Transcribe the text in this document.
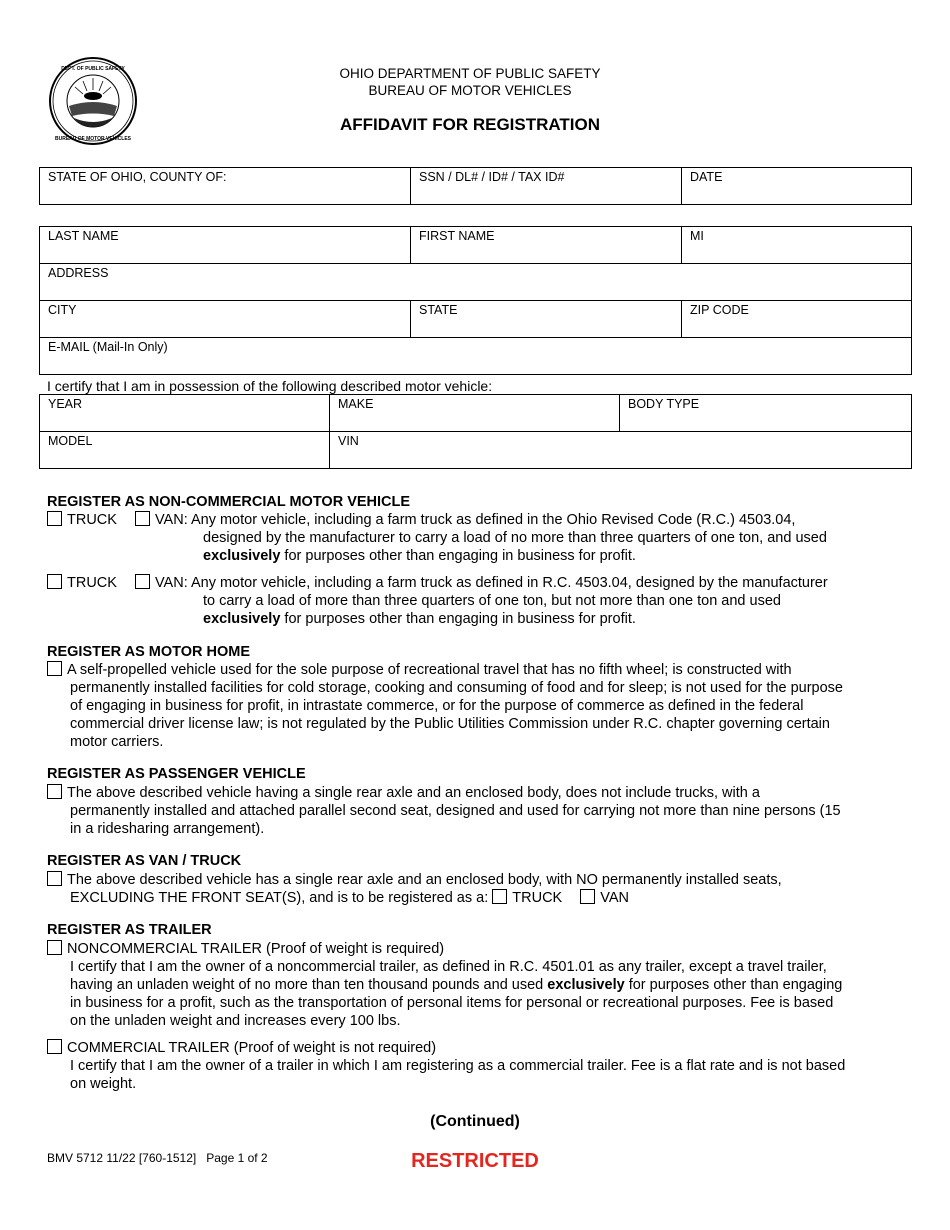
DEPT. OF PUBLIC SAFETY
BUREAU OF MOTOR VEHICLES
OHIO DEPARTMENT OF PUBLIC SAFETY
BUREAU OF MOTOR VEHICLES
AFFIDAVIT FOR REGISTRATION
STATE OF OHIO, COUNTY OF:	SSN / DL# / ID# / TAX ID#	DATE
LAST NAME	FIRST NAME	MI
ADDRESS		
CITY	STATE	ZIP CODE
E-MAIL (Mail-In Only)		
I certify that I am in possession of the following described motor vehicle:
YEAR	MAKE	BODY TYPE
MODEL	VIN	
REGISTER AS NON-COMMERCIAL MOTOR VEHICLE
TRUCK	VAN: Any motor vehicle, including a farm truck as defined in the Ohio Revised Code (R.C.) 4503.04,
designed by the manufacturer to carry a load of no more than three quarters of one ton, and used
exclusively for purposes other than engaging in business for profit.
TRUCK	VAN: Any motor vehicle, including a farm truck as defined in R.C. 4503.04, designed by the manufacturer
to carry a load of more than three quarters of one ton, but not more than one ton and used
exclusively for purposes other than engaging in business for profit.
REGISTER AS MOTOR HOME
A self-propelled vehicle used for the sole purpose of recreational travel that has no fifth wheel; is constructed with
permanently installed facilities for cold storage, cooking and consuming of food and for sleep; is not used for the purpose
of engaging in business for profit, in intrastate commerce, or for the purpose of commerce as defined in the federal
commercial driver license law; is not regulated by the Public Utilities Commission under R.C. chapter governing certain
motor carriers.
REGISTER AS PASSENGER VEHICLE
The above described vehicle having a single rear axle and an enclosed body, does not include trucks, with a
permanently installed and attached parallel second seat, designed and used for carrying not more than nine persons (15
in a ridesharing arrangement).
REGISTER AS VAN / TRUCK
The above described vehicle has a single rear axle and an enclosed body, with NO permanently installed seats,
EXCLUDING THE FRONT SEAT(S), and is to be registered as a: TRUCK	VAN
REGISTER AS TRAILER
NONCOMMERCIAL TRAILER (Proof of weight is required)
I certify that I am the owner of a noncommercial trailer, as defined in R.C. 4501.01 as any trailer, except a travel trailer,
having an unladen weight of no more than ten thousand pounds and used exclusively for purposes other than engaging
in business for a profit, such as the transportation of personal items for personal or recreational purposes. Fee is based
on the unladen weight and increases every 100 lbs.
COMMERCIAL TRAILER (Proof of weight is not required)
I certify that I am the owner of a trailer in which I am registering as a commercial trailer. Fee is a flat rate and is not based
on weight.
(Continued)
BMV 5712 11/22 [760-1512]   Page 1 of 2	RESTRICTED
